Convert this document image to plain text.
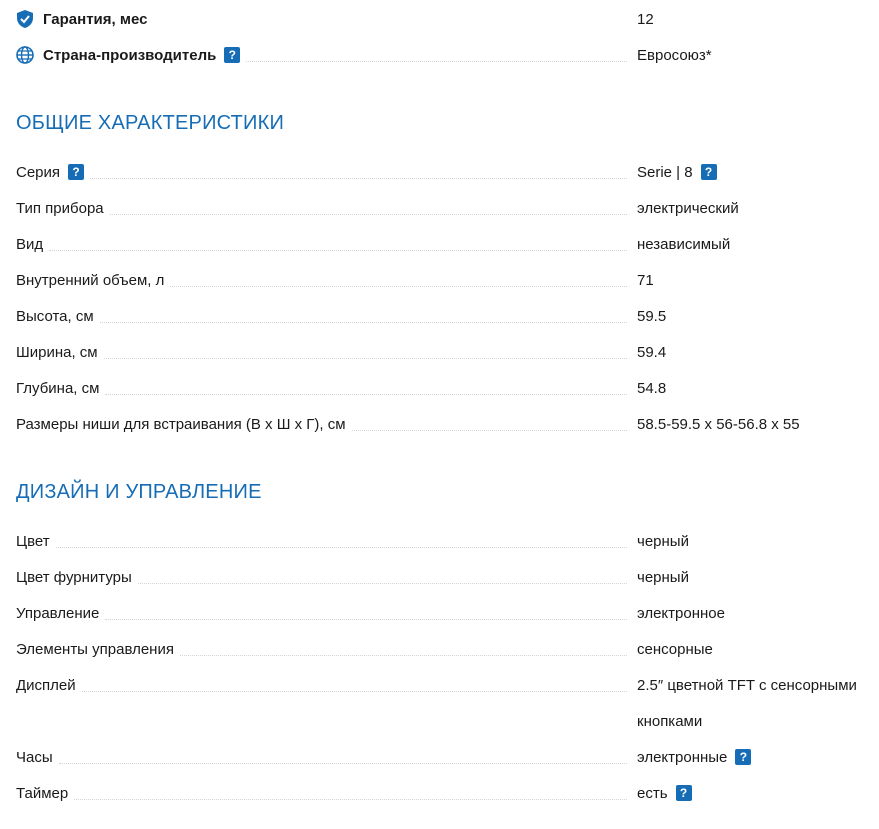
Гарантия, мес	12
Страна-производитель	?	Евросоюз*
ОБЩИЕ ХАРАКТЕРИСТИКИ
Серия	?	Serie | 8	?
Тип прибора	электрический
Вид	независимый
Внутренний объем, л	71
Высота, см	59.5
Ширина, см	59.4
Глубина, см	54.8
Размеры ниши для встраивания (В х Ш х Г), см	58.5-59.5 х 56-56.8 х 55
ДИЗАЙН И УПРАВЛЕНИЕ
Цвет	черный
Цвет фурнитуры	черный
Управление	электронное
Элементы управления	сенсорные
Дисплей	2.5″ цветной TFT с сенсорными
кнопками
Часы	электронные	?
Таймер	есть	?
